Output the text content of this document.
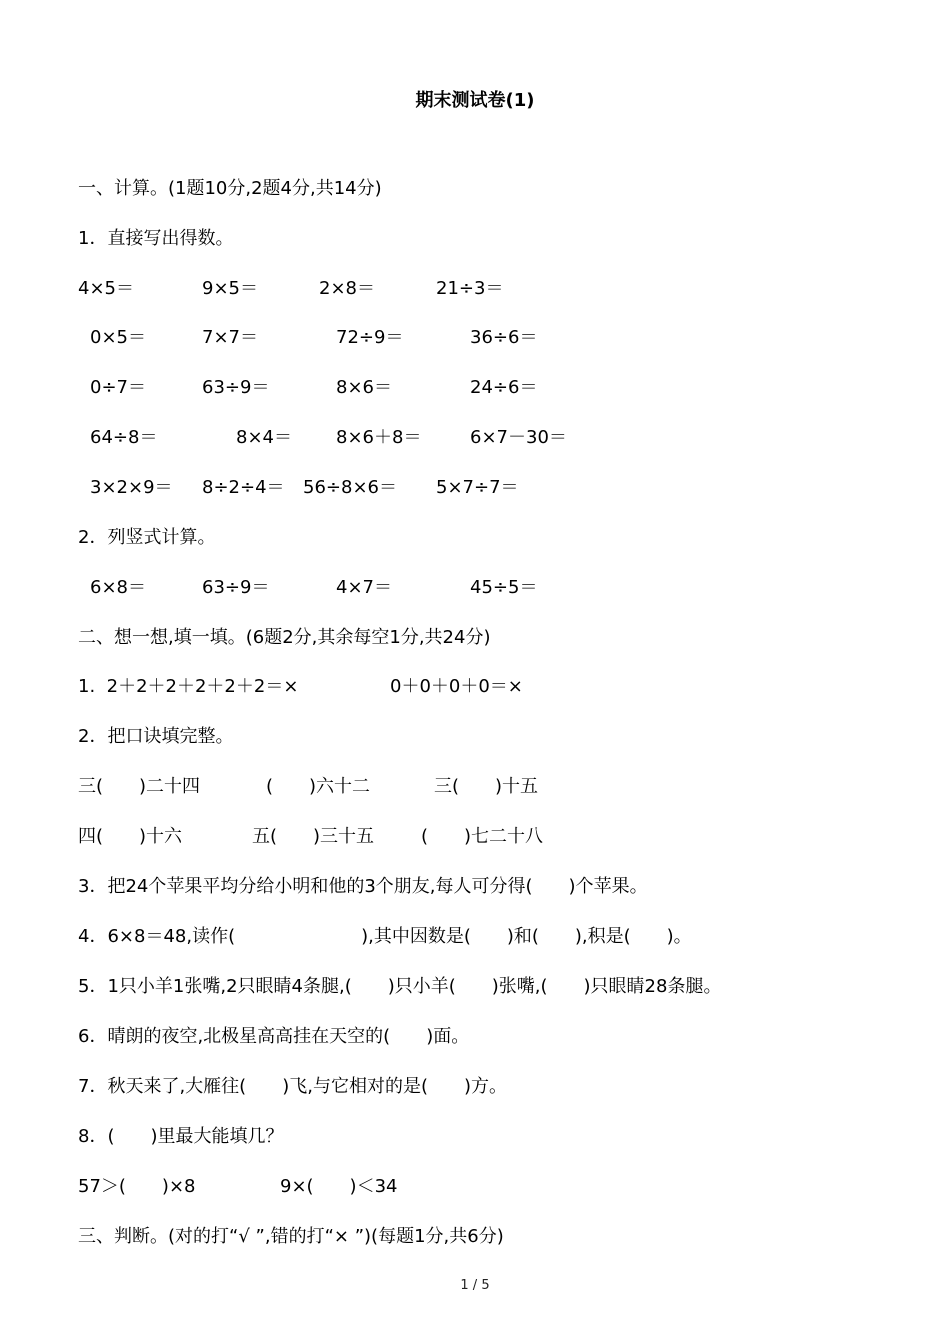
期末测试卷(1)
一、计算。(1题10分,2题4分,共14分)
1．直接写出得数。
4×5＝	9×5＝	2×8＝	21÷3＝
0×5＝	7×7＝	72÷9＝	36÷6＝
0÷7＝	63÷9＝	8×6＝	24÷6＝
64÷8＝	8×4＝ 8×6＋8＝	6×7－30＝
3×2×9＝ 8÷2÷4＝ 56÷8×6＝ 5×7÷7＝
2．列竖式计算。
6×8＝	63÷9＝	4×7＝	45÷5＝
二、想一想,填一填。(6题2分,其余每空1分,共24分)
1.  2＋2＋2＋2＋2＋2＝×	0＋0＋0＋0＝×
2．把口诀填完整。
三(　　)二十四	(　　)六十二	三(　　)十五
四(　　)十六	五(　　)三十五	(　　)七二十八
3．把24个苹果平均分给小明和他的3个朋友,每人可分得(　　)个苹果。
4．6×8＝48,读作(　　　　　　　),其中因数是(　　)和(　　),积是(　　)。
5．1只小羊1张嘴,2只眼睛4条腿,(　　)只小羊(　　)张嘴,(　　)只眼睛28条腿。
6．晴朗的夜空,北极星高高挂在天空的(　　)面。
7．秋天来了,大雁往(　　)飞,与它相对的是(　　)方。
8．(　　)里最大能填几？
57＞(　　)×8	9×(　　)＜34
三、判断。(对的打“√ ”,错的打“× ”)(每题1分,共6分)
1 / 5
